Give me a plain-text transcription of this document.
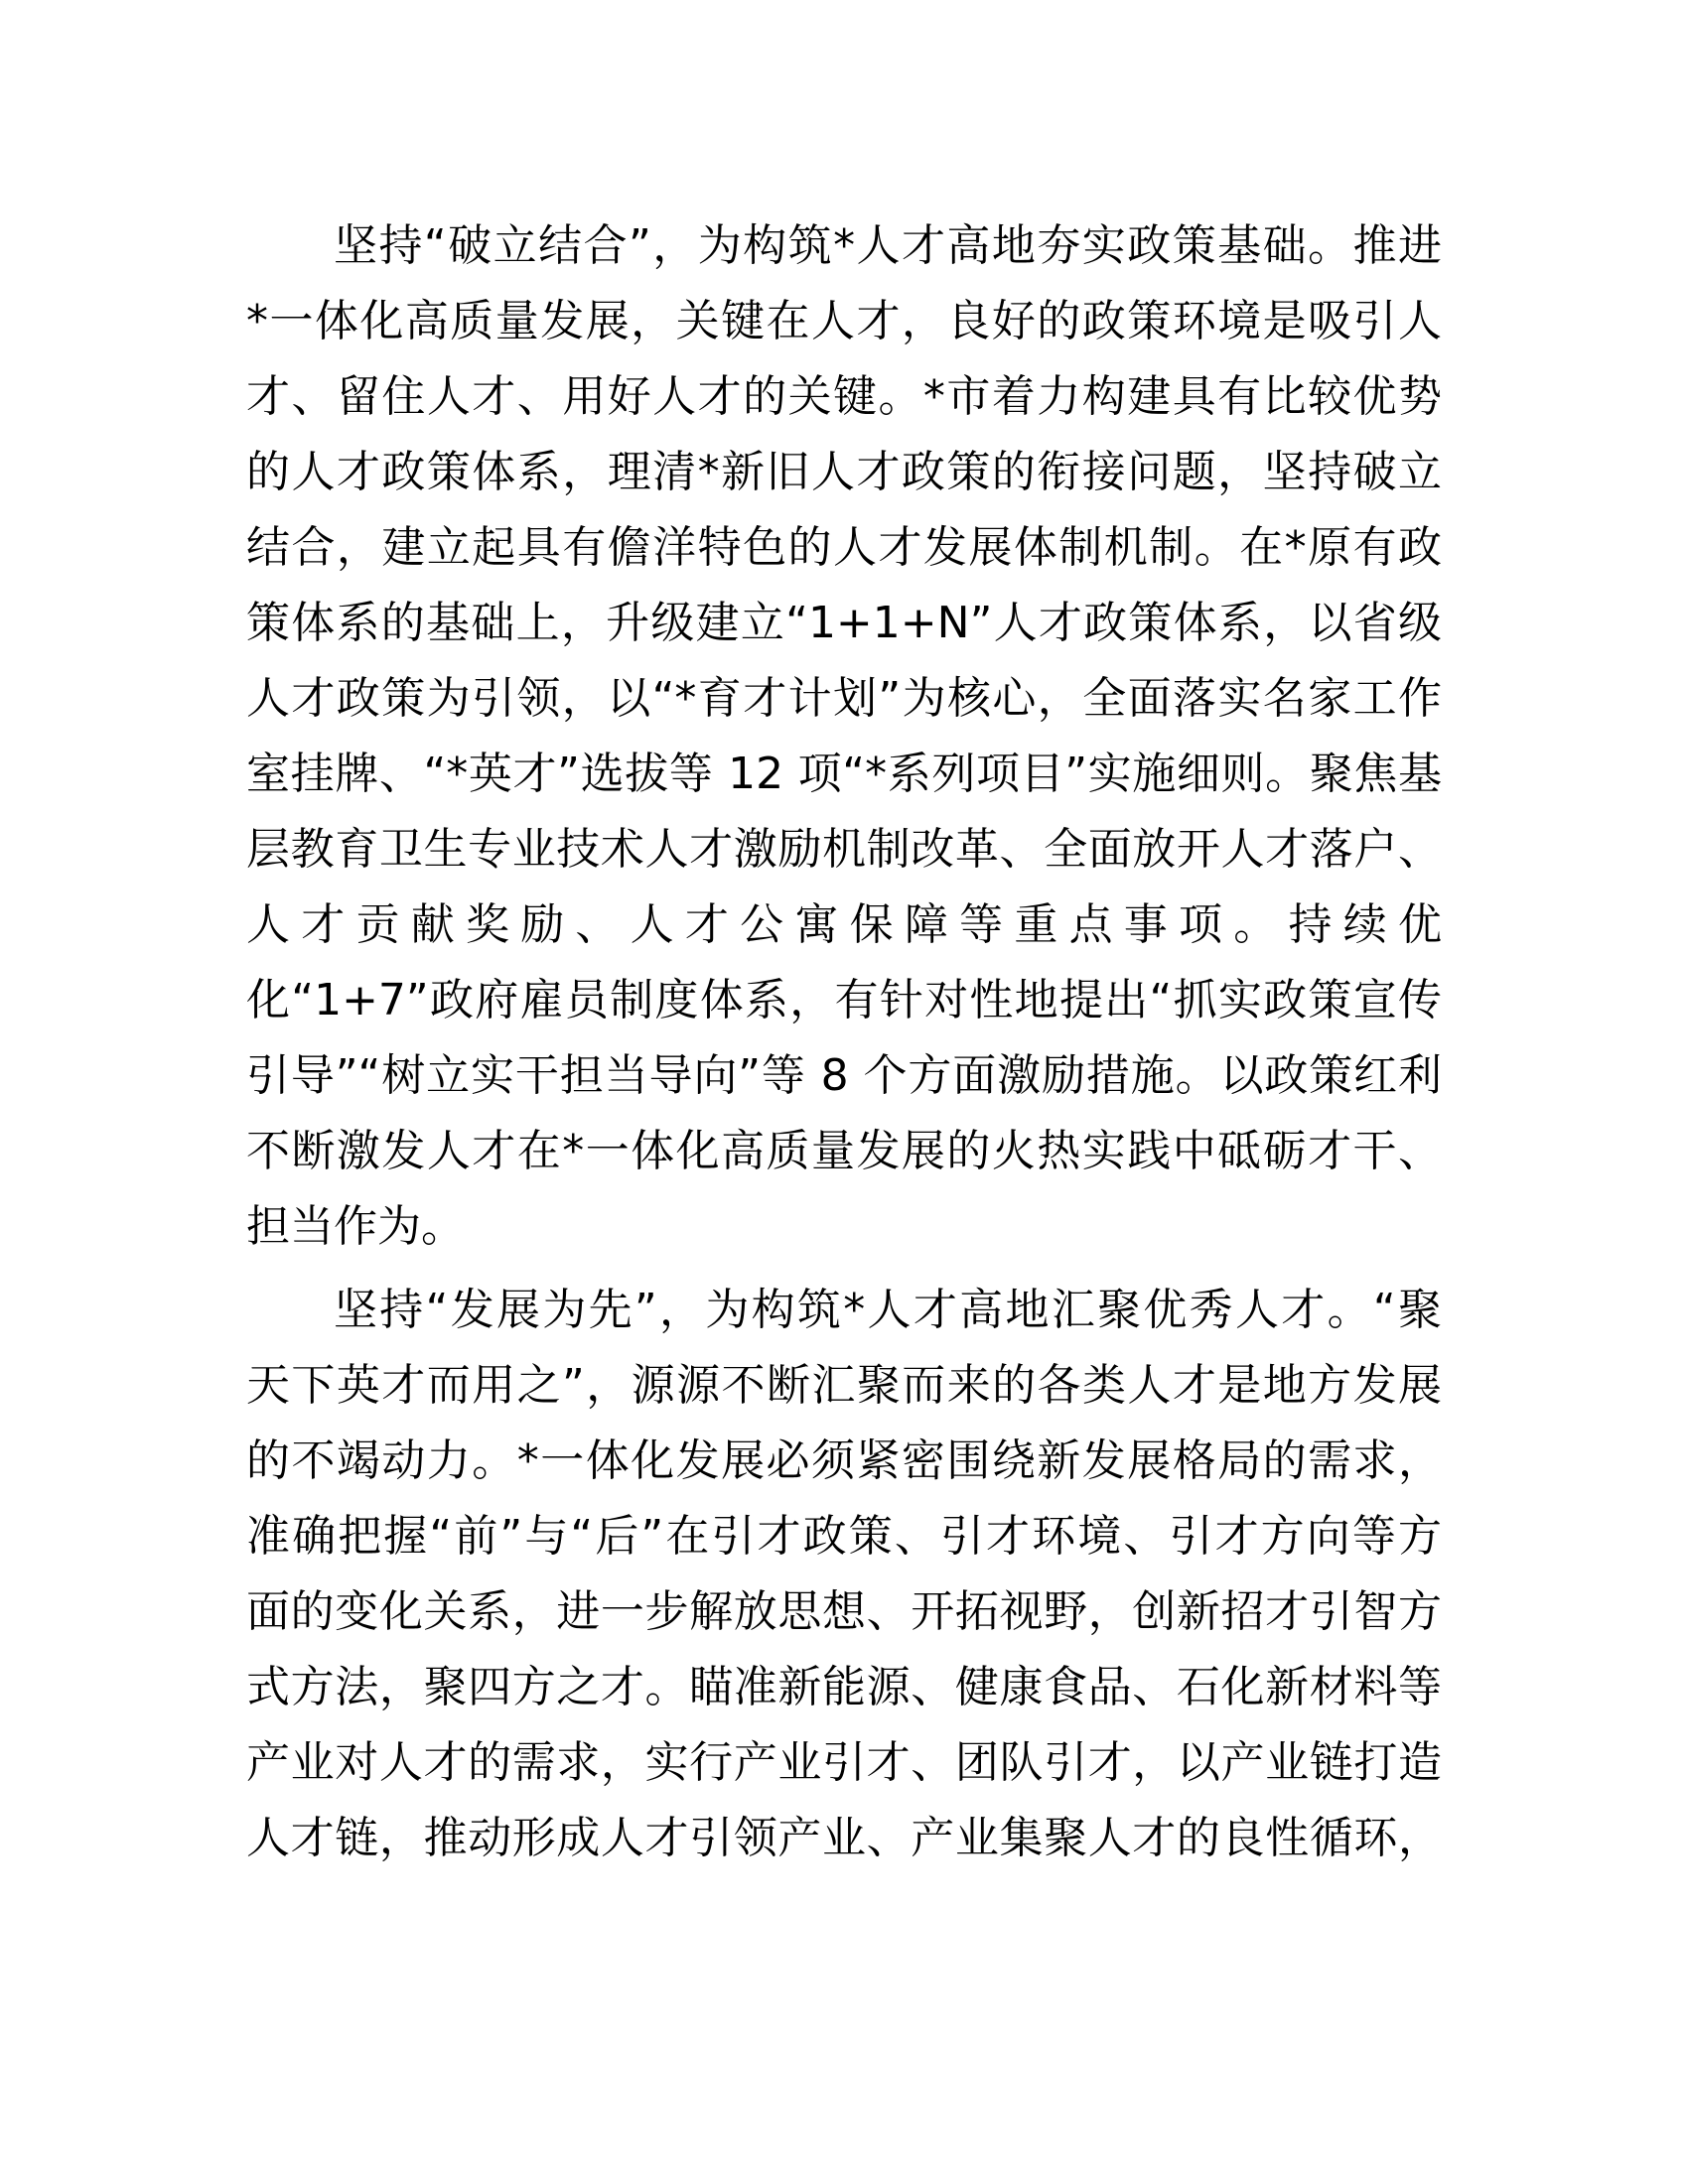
坚持“破立结合”，为构筑*人才高地夯实政策基础。推进
*一体化高质量发展，关键在人才，良好的政策环境是吸引人
才、留住人才、用好人才的关键。*市着力构建具有比较优势
的人才政策体系，理清*新旧人才政策的衔接问题，坚持破立
结合，建立起具有儋洋特色的人才发展体制机制。在*原有政
策体系的基础上，升级建立“1+1+N”人才政策体系，以省级
人才政策为引领，以“*育才计划”为核心，全面落实名家工作
室挂牌、“*英才”选拔等 12 项“*系列项目”实施细则。聚焦基
层教育卫生专业技术人才激励机制改革、全面放开人才落户、
人才贡献奖励、人才公寓保障等重点事项。持续优
化“1+7”政府雇员制度体系，有针对性地提出“抓实政策宣传
引导”“树立实干担当导向”等 8 个方面激励措施。以政策红利
不断激发人才在*一体化高质量发展的火热实践中砥砺才干、
担当作为。
坚持“发展为先”，为构筑*人才高地汇聚优秀人才。“聚
天下英才而用之”，源源不断汇聚而来的各类人才是地方发展
的不竭动力。*一体化发展必须紧密围绕新发展格局的需求，
准确把握“前”与“后”在引才政策、引才环境、引才方向等方
面的变化关系，进一步解放思想、开拓视野，创新招才引智方
式方法，聚四方之才。瞄准新能源、健康食品、石化新材料等
产业对人才的需求，实行产业引才、团队引才，以产业链打造
人才链，推动形成人才引领产业、产业集聚人才的良性循环，
